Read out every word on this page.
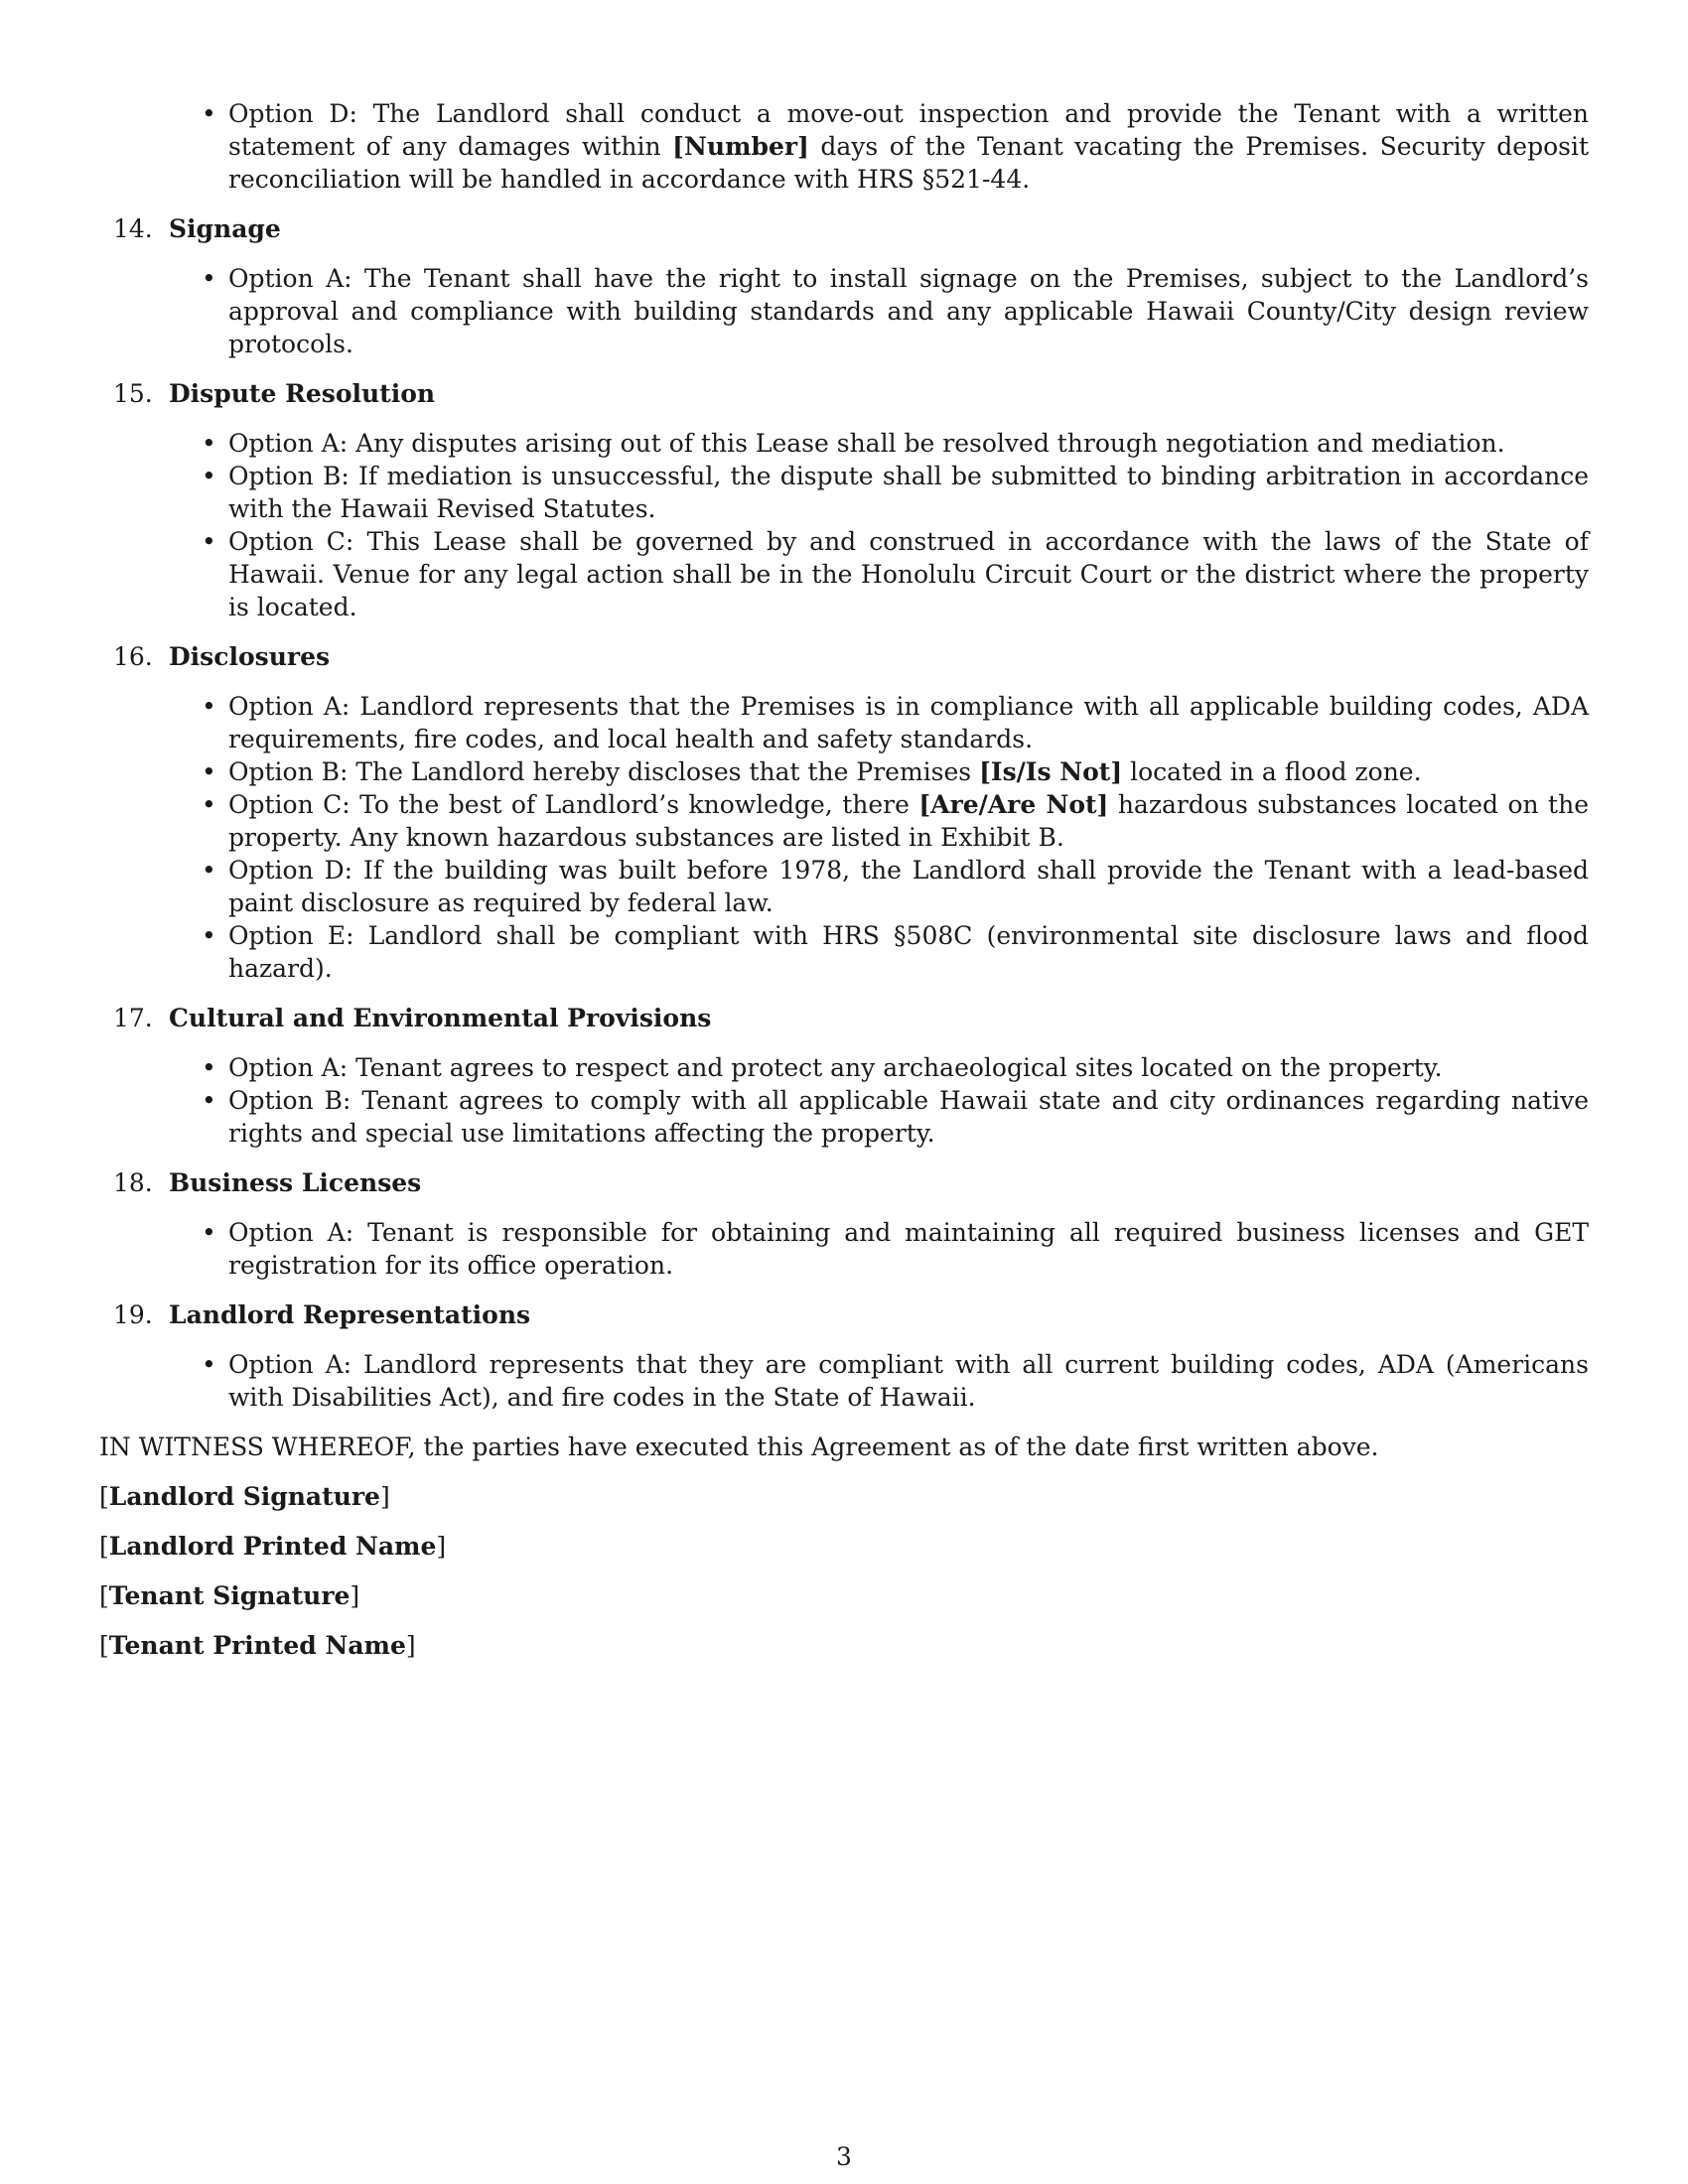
• Option D: The Landlord shall conduct a move-out inspection and provide the Tenant with a written statement of any damages within [Number] days of the Tenant vacating the Premises. Security deposit reconciliation will be handled in accordance with HRS §521-44.
14. Signage
• Option A: The Tenant shall have the right to install signage on the Premises, subject to the Landlord’s approval and compliance with building standards and any applicable Hawaii County/City design review protocols.
15. Dispute Resolution
• Option A: Any disputes arising out of this Lease shall be resolved through negotiation and mediation.
• Option B: If mediation is unsuccessful, the dispute shall be submitted to binding arbitration in accordance with the Hawaii Revised Statutes.
• Option C: This Lease shall be governed by and construed in accordance with the laws of the State of Hawaii. Venue for any legal action shall be in the Honolulu Circuit Court or the district where the property is located.
16. Disclosures
• Option A: Landlord represents that the Premises is in compliance with all applicable building codes, ADA requirements, fire codes, and local health and safety standards.
• Option B: The Landlord hereby discloses that the Premises [Is/Is Not] located in a flood zone.
• Option C: To the best of Landlord’s knowledge, there [Are/Are Not] hazardous substances located on the property. Any known hazardous substances are listed in Exhibit B.
• Option D: If the building was built before 1978, the Landlord shall provide the Tenant with a lead-based paint disclosure as required by federal law.
• Option E: Landlord shall be compliant with HRS §508C (environmental site disclosure laws and flood hazard).
17. Cultural and Environmental Provisions
• Option A: Tenant agrees to respect and protect any archaeological sites located on the property.
• Option B: Tenant agrees to comply with all applicable Hawaii state and city ordinances regarding native rights and special use limitations affecting the property.
18. Business Licenses
• Option A: Tenant is responsible for obtaining and maintaining all required business licenses and GET registration for its office operation.
19. Landlord Representations
• Option A: Landlord represents that they are compliant with all current building codes, ADA (Americans with Disabilities Act), and fire codes in the State of Hawaii.
IN WITNESS WHEREOF, the parties have executed this Agreement as of the date first written above.
[Landlord Signature]
[Landlord Printed Name]
[Tenant Signature]
[Tenant Printed Name]
3
